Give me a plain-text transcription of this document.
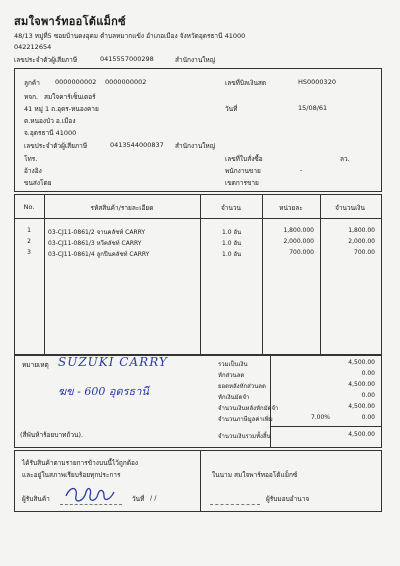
สมใจพาร์ทออโต้แม็กซ์
48/13 หมู่ที่5 ซอยบ้านดงอุดม ตำบลหมากแข้ง อำเภอเมือง จังหวัดอุดรธานี 41000
042212654
เลขประจำตัวผู้เสียภาษี	0415557000298	สำนักงานใหญ่
ลูกค้า 0000000002 0000000002
หจก. สมใจคาร์เซ็นเตอร์
41 หมู่ 1 ถ.อุดร-หนองคาย
ต.หนองบัว อ.เมือง
จ.อุดรธานี 41000
เลขประจำตัวผู้เสียภาษี	0413544000837 สำนักงานใหญ่
โทร.
อ้างอิง
ขนส่งโดย
เลขที่บิลเงินสด	HS0000320
วันที่	15/08/61
เลขที่ใบสั่งซื้อ	ลว.
พนักงานขาย	-
เขตการขาย
No.	รหัสสินค้า/รายละเอียด	จำนวน	หน่วยละ	จำนวนเงิน
1	03-CJ11-0861/2 จานคลัชท์ CARRY	1.0 อัน	1,800.000	1,800.00
2	03-CJ11-0861/3 หวีคลัชท์ CARRY	1.0 อัน	2,000.000	2,000.00
3	03-CJ11-0861/4 ลูกปืนคลัชท์ CARRY	1.0 อัน	700.000	700.00
หมายเหตุ SUZUKI CARRY
ฆข - 600 อุดรธานี
(สี่พันห้าร้อยบาทถ้วน).
รวมเป็นเงิน	4,500.00
หักส่วนลด	0.00
ยอดหลังหักส่วนลด	4,500.00
หักเงินมัดจำ	0.00
จำนวนเงินหลังหักมัดจำ	4,500.00
จำนวนภาษีมูลค่าเพิ่ม	7.00%	0.00
จำนวนเงินรวมทั้งสิ้น	4,500.00
ได้รับสินค้าตามรายการข้างบนนี้ไว้ถูกต้อง
และอยู่ในสภาพเรียบร้อยทุกประการ	ในนาม สมใจพาร์ทออโต้แม็กซ์
ผู้รับสินค้า	วันที่ / /	ผู้รับมอบอำนาจ
